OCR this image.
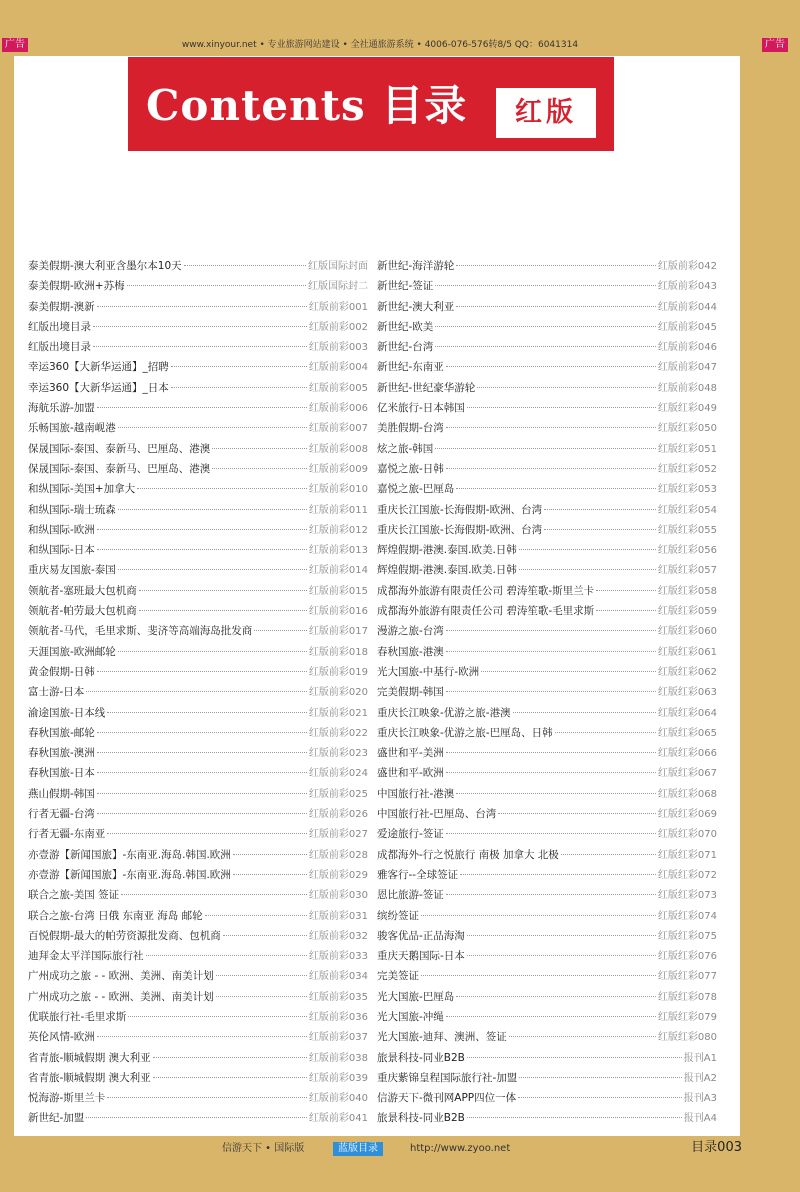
广告	www.xinyour.net • 专业旅游网站建设 • 全社通旅游系统 • 4006-076-576转8/5 QQ：6041314	广告
Contents 目录	红版
泰美假期-澳大利亚含墨尔本10天	红版国际封面
泰美假期-欧洲+苏梅	红版国际封二
泰美假期-澳新	红版前彩001
红版出境目录	红版前彩002
红版出境目录	红版前彩003
幸运360【大新华运通】_招聘	红版前彩004
幸运360【大新华运通】_日本	红版前彩005
海航乐游-加盟	红版前彩006
乐畅国旅-越南岘港	红版前彩007
保晟国际-泰国、泰新马、巴厘岛、港澳	红版前彩008
保晟国际-泰国、泰新马、巴厘岛、港澳	红版前彩009
和纵国际-美国+加拿大	红版前彩010
和纵国际-瑞士琉森	红版前彩011
和纵国际-欧洲	红版前彩012
和纵国际-日本	红版前彩013
重庆易友国旅-泰国	红版前彩014
领航者-塞班最大包机商	红版前彩015
领航者-帕劳最大包机商	红版前彩016
领航者-马代，毛里求斯、斐济等高端海岛批发商	红版前彩017
天涯国旅-欧洲邮轮	红版前彩018
黄金假期-日韩	红版前彩019
富士游-日本	红版前彩020
渝途国旅-日本线	红版前彩021
春秋国旅-邮轮	红版前彩022
春秋国旅-澳洲	红版前彩023
春秋国旅-日本	红版前彩024
燕山假期-韩国	红版前彩025
行者无疆-台湾	红版前彩026
行者无疆-东南亚	红版前彩027
亦壹游【新闻国旅】-东南亚.海岛.韩国.欧洲	红版前彩028
亦壹游【新闻国旅】-东南亚.海岛.韩国.欧洲	红版前彩029
联合之旅-美国 签证	红版前彩030
联合之旅-台湾 日俄 东南亚 海岛 邮轮	红版前彩031
百悦假期-最大的帕劳资源批发商、包机商	红版前彩032
迪拜金太平洋国际旅行社	红版前彩033
广州成功之旅 - - 欧洲、美洲、南美计划	红版前彩034
广州成功之旅 - - 欧洲、美洲、南美计划	红版前彩035
优联旅行社-毛里求斯	红版前彩036
英伦风情-欧洲	红版前彩037
省青旅-顺城假期 澳大利亚	红版前彩038
省青旅-顺城假期 澳大利亚	红版前彩039
悦海游-斯里兰卡	红版前彩040
新世纪-加盟	红版前彩041
新世纪-海洋游轮	红版前彩042
新世纪-签证	红版前彩043
新世纪-澳大利亚	红版前彩044
新世纪-欧美	红版前彩045
新世纪-台湾	红版前彩046
新世纪-东南亚	红版前彩047
新世纪-世纪豪华游轮	红版前彩048
亿米旅行-日本韩国	红版红彩049
美胜假期-台湾	红版红彩050
炫之旅-韩国	红版红彩051
嘉悦之旅-日韩	红版红彩052
嘉悦之旅-巴厘岛	红版红彩053
重庆长江国旅-长海假期-欧洲、台湾	红版红彩054
重庆长江国旅-长海假期-欧洲、台湾	红版红彩055
辉煌假期-港澳.泰国.欧美.日韩	红版红彩056
辉煌假期-港澳.泰国.欧美.日韩	红版红彩057
成都海外旅游有限责任公司 碧涛笙歌-斯里兰卡	红版红彩058
成都海外旅游有限责任公司 碧涛笙歌-毛里求斯	红版红彩059
漫游之旅-台湾	红版红彩060
春秋国旅-港澳	红版红彩061
光大国旅-中基行-欧洲	红版红彩062
完美假期-韩国	红版红彩063
重庆长江映象-优游之旅-港澳	红版红彩064
重庆长江映象-优游之旅-巴厘岛、日韩	红版红彩065
盛世和平-美洲	红版红彩066
盛世和平-欧洲	红版红彩067
中国旅行社-港澳	红版红彩068
中国旅行社-巴厘岛、台湾	红版红彩069
爱途旅行-签证	红版红彩070
成都海外-行之悦旅行 南极 加拿大 北极	红版红彩071
雅客行--全球签证	红版红彩072
恩比旅游-签证	红版红彩073
缤纷签证	红版红彩074
骏客优品-正品海淘	红版红彩075
重庆天鹅国际-日本	红版红彩076
完美签证	红版红彩077
光大国旅-巴厘岛	红版红彩078
光大国旅-冲绳	红版红彩079
光大国旅-迪拜、澳洲、签证	红版红彩080
旅景科技-同业B2B	报刊A1
重庆紫锦皇程国际旅行社-加盟	报刊A2
信游天下-微刊网APP四位一体	报刊A3
旅景科技-同业B2B	报刊A4
信游天下 • 国际版	蓝版目录	http://www.zyoo.net	目录003
